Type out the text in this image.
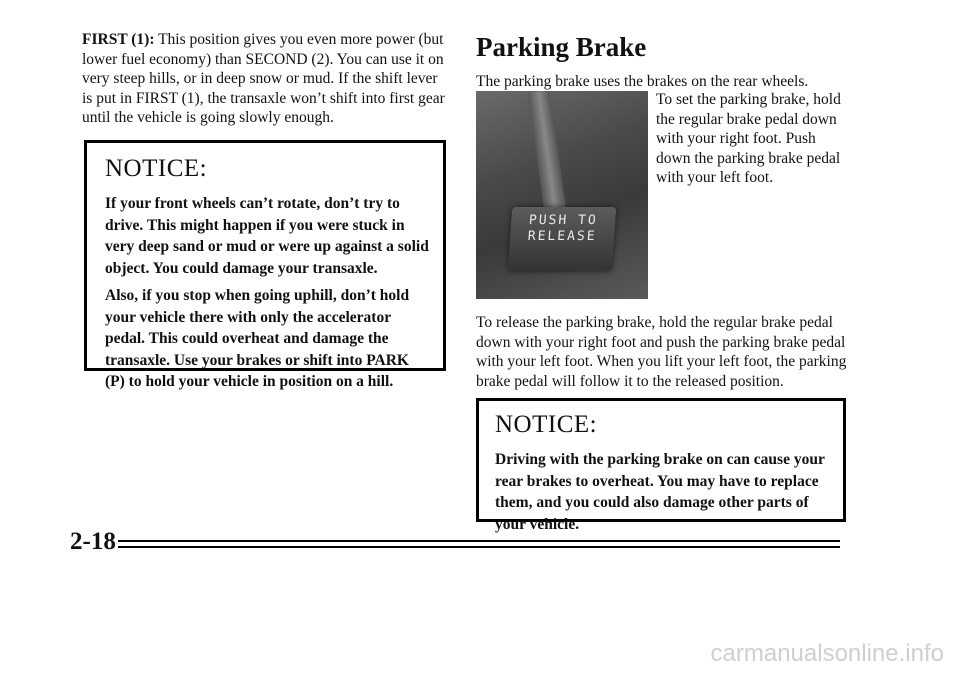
FIRST (1): This position gives you even more power (but lower fuel economy) than SECOND (2). You can use it on very steep hills, or in deep snow or mud. If the shift lever is put in FIRST (1), the transaxle won’t shift into first gear until the vehicle is going slowly enough.

NOTICE:

If your front wheels can’t rotate, don’t try to drive. This might happen if you were stuck in very deep sand or mud or were up against a solid object. You could damage your transaxle.

Also, if you stop when going uphill, don’t hold your vehicle there with only the accelerator pedal. This could overheat and damage the transaxle. Use your brakes or shift into PARK (P) to hold your vehicle in position on a hill.

Parking Brake

The parking brake uses the brakes on the rear wheels.

PUSH TO
RELEASE

To set the parking brake, hold the regular brake pedal down with your right foot. Push down the parking brake pedal with your left foot.

To release the parking brake, hold the regular brake pedal down with your right foot and push the parking brake pedal with your left foot. When you lift your left foot, the parking brake pedal will follow it to the released position.

NOTICE:

Driving with the parking brake on can cause your rear brakes to overheat. You may have to replace them, and you could also damage other parts of your vehicle.

2-18
carmanualsonline.info
